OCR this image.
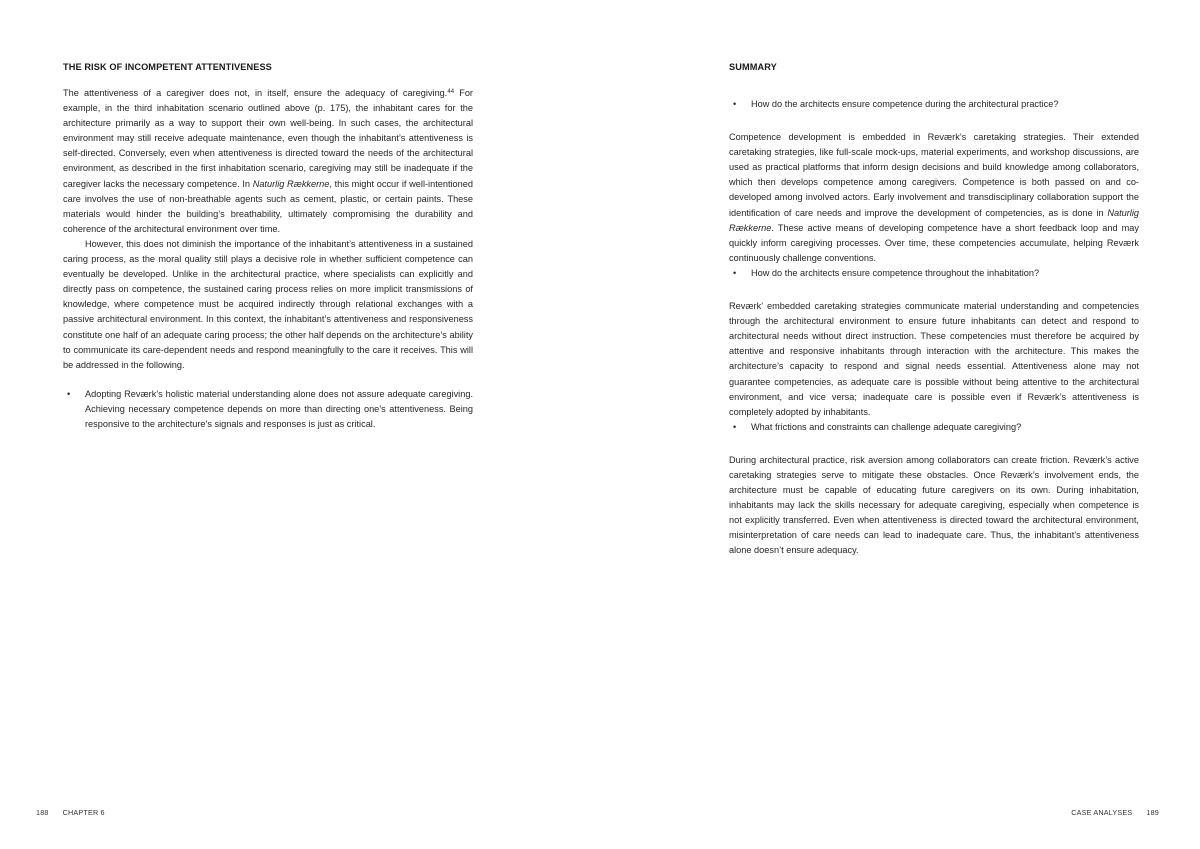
THE RISK OF INCOMPETENT ATTENTIVENESS

The attentiveness of a caregiver does not, in itself, ensure the adequacy of caregiving.$^{44}$ For example, in the third inhabitation scenario outlined above (p. 175), the inhabitant cares for the architecture primarily as a way to support their own well-being. In such cases, the architectural environment may still receive adequate maintenance, even though the inhabitant’s attentiveness is self-directed. Conversely, even when attentiveness is directed toward the needs of the architectural environment, as described in the first inhabitation scenario, caregiving may still be inadequate if the caregiver lacks the necessary competence. In Naturlig Rækkerne, this might occur if well-intentioned care involves the use of non-breathable agents such as cement, plastic, or certain paints. These materials would hinder the building’s breathability, ultimately compromising the durability and coherence of the architectural environment over time.

However, this does not diminish the importance of the inhabitant’s attentiveness in a sustained caring process, as the moral quality still plays a decisive role in whether sufficient competence can eventually be developed. Unlike in the architectural practice, where specialists can explicitly and directly pass on competence, the sustained caring process relies on more implicit transmissions of knowledge, where competence must be acquired indirectly through relational exchanges with a passive architectural environment. In this context, the inhabitant’s attentiveness and responsiveness constitute one half of an adequate caring process; the other half depends on the architecture’s ability to communicate its care-dependent needs and respond meaningfully to the care it receives. This will be addressed in the following.

• Adopting Reværk’s holistic material understanding alone does not assure adequate caregiving. Achieving necessary competence depends on more than directing one’s attentiveness. Being responsive to the architecture’s signals and responses is just as critical.
188 CHAPTER 6
SUMMARY
• How do the architects ensure competence during the architectural practice?

Competence development is embedded in Reværk’s caretaking strategies. Their extended caretaking strategies, like full-scale mock-ups, material experiments, and workshop discussions, are used as practical platforms that inform design decisions and build knowledge among collaborators, which then develops competence among caregivers. Competence is both passed on and co-developed among involved actors. Early involvement and transdisciplinary collaboration support the identification of care needs and improve the development of competencies, as is done in Naturlig Rækkerne. These active means of developing competence have a short feedback loop and may quickly inform caregiving processes. Over time, these competencies accumulate, helping Reværk continuously challenge conventions.

• How do the architects ensure competence throughout the inhabitation?

Reværk’ embedded caretaking strategies communicate material understanding and competencies through the architectural environment to ensure future inhabitants can detect and respond to architectural needs without direct instruction. These competencies must therefore be acquired by attentive and responsive inhabitants through interaction with the architecture. This makes the architecture’s capacity to respond and signal needs essential. Attentiveness alone may not guarantee competencies, as adequate care is possible without being attentive to the architectural environment, and vice versa; inadequate care is possible even if Reværk’s attentiveness is completely adopted by inhabitants.

• What frictions and constraints can challenge adequate caregiving?

During architectural practice, risk aversion among collaborators can create friction. Reværk’s active caretaking strategies serve to mitigate these obstacles. Once Reværk’s involvement ends, the architecture must be capable of educating future caregivers on its own. During inhabitation, inhabitants may lack the skills necessary for adequate caregiving, especially when competence is not explicitly transferred. Even when attentiveness is directed toward the architectural environment, misinterpretation of care needs can lead to inadequate care. Thus, the inhabitant’s attentiveness alone doesn’t ensure adequacy.

CASE ANALYSES 189
